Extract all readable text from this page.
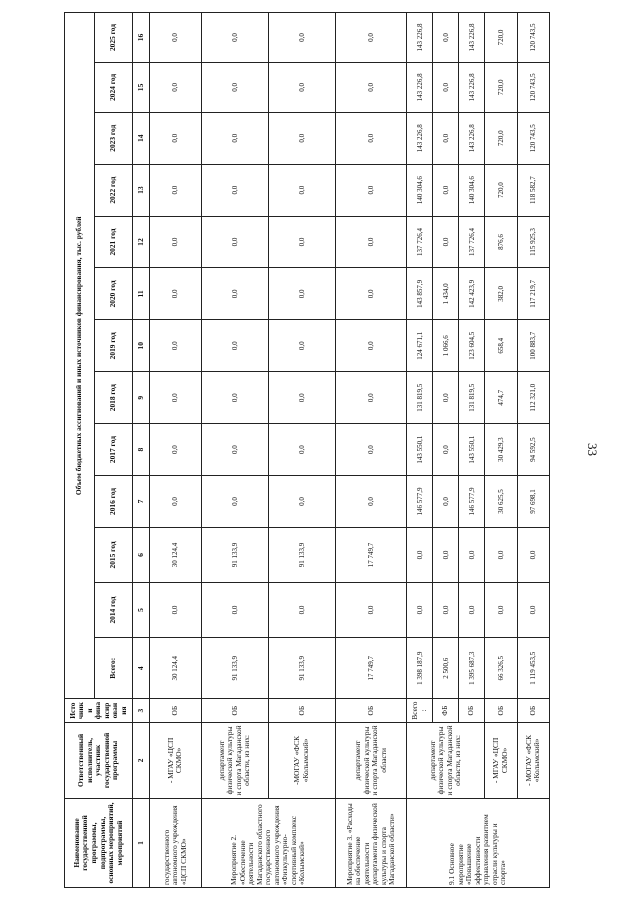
33
Наименование государственной программы, подпрограммы, основных мероприятий, мероприятий	Ответственный исполнитель, участник государственной программы	Источники финансирования	Объем бюджетных ассигнований и иных источников финансирования, тыс. рублей												
			Всего:	2014 год	2015 год	2016 год	2017 год	2018 год	2019 год	2020 год	2021 год	2022 год	2023 год	2024 год	2025 год
1	2	3	4	5	6	7	8	9	10	11	12	13	14	15	16
государственного автономного учреждения «ЦСП СКМО»	- МГАУ «ЦСП СКМО»	ОБ	30 124,4	0,0	30 124,4	0,0	0,0	0,0	0,0	0,0	0,0	0,0	0,0	0,0	0,0
Мероприятие 2. «Обеспечение деятельности Магаданского областного государственного автономного учреждения «Физкультурно-спортивный комплекс «Колымский»	департамент физической культуры и спорта Магаданской области, из них:	ОБ	91 133,9	0,0	91 133,9	0,0	0,0	0,0	0,0	0,0	0,0	0,0	0,0	0,0	0,0
	-МОГАУ «ФСК «Колымский»	ОБ	91 133,9	0,0	91 133,9	0,0	0,0	0,0	0,0	0,0	0,0	0,0	0,0	0,0	0,0
Мероприятие 3. «Расходы на обеспечение деятельности департамента физической культуры и спорта Магаданской области»	департамент физической культуры и спорта Магаданской области	ОБ	17 749,7	0,0	17 749,7	0,0	0,0	0,0	0,0	0,0	0,0	0,0	0,0	0,0	0,0
9.1 Основное мероприятие «Повышение эффективности управления развитием отрасли культуры и спорта»	департамент физической культуры и спорта Магаданской области, из них:	Всего:	1 398 187,9	0,0	0,0	146 577,9	143 550,1	131 819,5	124 671,1	143 857,9	137 726,4	140 304,6	143 226,8	143 226,8	143 226,8
		ФБ	2 500,6	0,0	0,0	0,0	0,0	0,0	1 066,6	1 434,0	0,0	0,0	0,0	0,0	0,0
		ОБ	1 395 687,3	0,0	0,0	146 577,9	143 550,1	131 819,5	123 604,5	142 423,9	137 726,4	140 304,6	143 226,8	143 226,8	143 226,8
	- МГАУ «ЦСП СКМО»	ОБ	66 326,5	0,0	0,0	30 625,5	30 429,3	474,7	658,4	382,0	876,6	720,0	720,0	720,0	720,0
	- МОГАУ «ФСК «Колымский»	ОБ	1 119 453,5	0,0	0,0	97 698,1	94 592,5	112 321,0	100 883,7	117 219,7	115 925,3	118 582,7	120 743,5	120 743,5	120 743,5
